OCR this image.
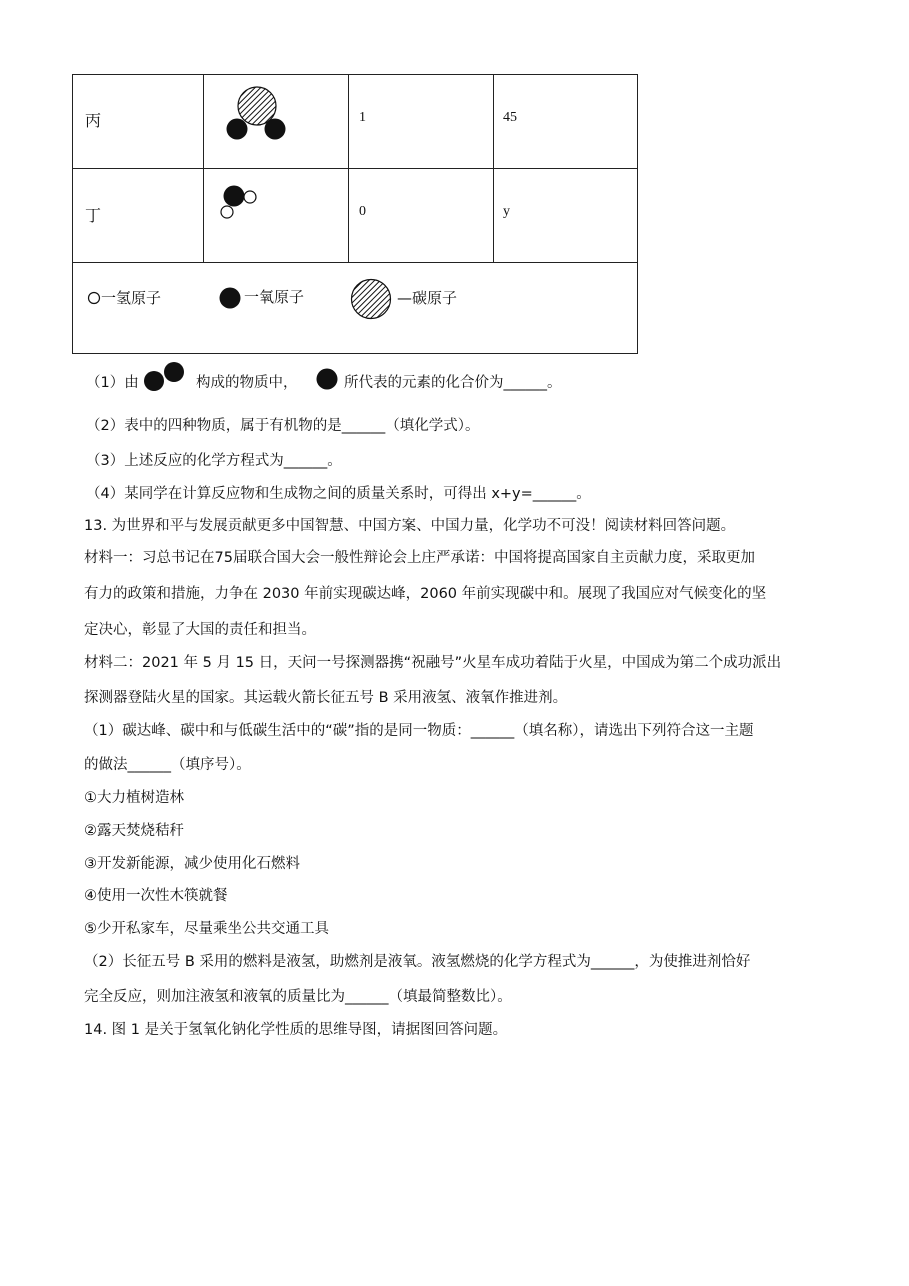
丙	1	45
丁	0	y
一氢原子	一氧原子	—碳原子
（1）由	构成的物质中，	所代表的元素的化合价为______。
（2）表中的四种物质，属于有机物的是______（填化学式）。
（3）上述反应的化学方程式为______。
（4）某同学在计算反应物和生成物之间的质量关系时，可得出 x+y=______。
13. 为世界和平与发展贡献更多中国智慧、中国方案、中国力量，化学功不可没！阅读材料回答问题。
材料一：习总书记在75届联合国大会一般性辩论会上庄严承诺：中国将提高国家自主贡献力度，采取更加
有力的政策和措施，力争在 2030 年前实现碳达峰，2060 年前实现碳中和。展现了我国应对气候变化的坚
定决心，彰显了大国的责任和担当。
材料二：2021 年 5 月 15 日，天问一号探测器携“祝融号”火星车成功着陆于火星，中国成为第二个成功派出
探测器登陆火星的国家。其运载火箭长征五号 B 采用液氢、液氧作推进剂。
（1）碳达峰、碳中和与低碳生活中的“碳”指的是同一物质：______（填名称），请选出下列符合这一主题
的做法______（填序号）。
①大力植树造林
②露天焚烧秸秆
③开发新能源，减少使用化石燃料
④使用一次性木筷就餐
⑤少开私家车，尽量乘坐公共交通工具
（2）长征五号 B 采用的燃料是液氢，助燃剂是液氧。液氢燃烧的化学方程式为______，为使推进剂恰好
完全反应，则加注液氢和液氧的质量比为______（填最简整数比）。
14. 图 1 是关于氢氧化钠化学性质的思维导图，请据图回答问题。
